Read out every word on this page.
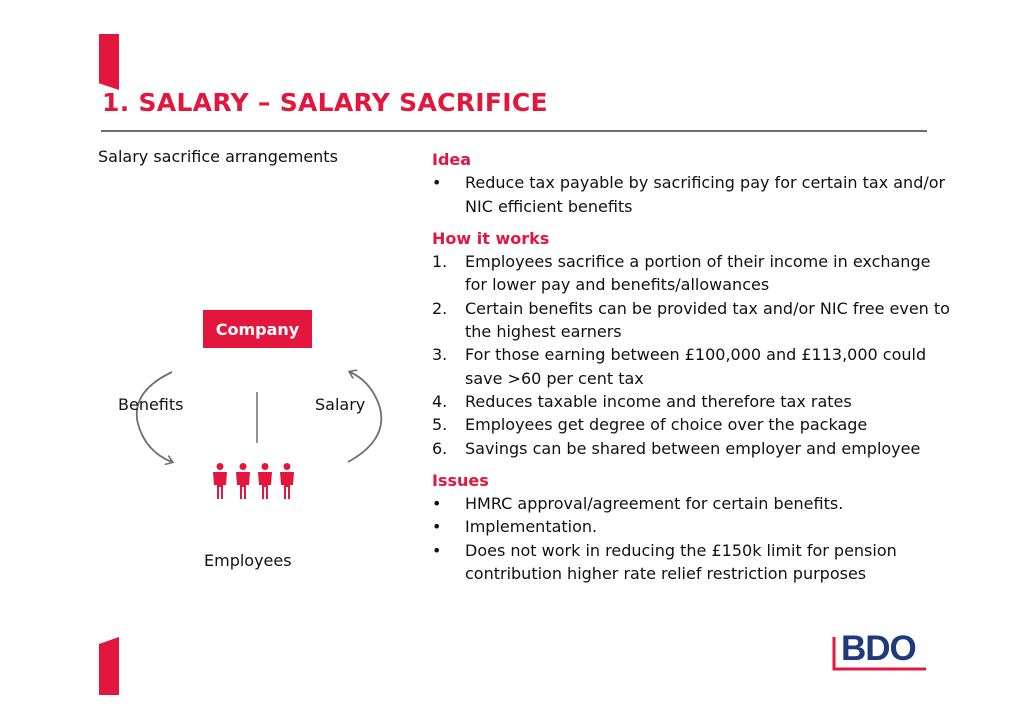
1. SALARY – SALARY SACRIFICE
Salary sacrifice arrangements
Company
Benefits	Salary
Employees
Idea
•	Reduce tax payable by sacrificing pay for certain tax and/or NIC efficient benefits
How it works
1.	Employees sacrifice a portion of their income in exchange for lower pay and benefits/allowances
2.	Certain benefits can be provided tax and/or NIC free even to the highest earners
3.	For those earning between £100,000 and £113,000 could save >60 per cent tax
4.	Reduces taxable income and therefore tax rates
5.	Employees get degree of choice over the package
6.	Savings can be shared between employer and employee
Issues
•	HMRC approval/agreement for certain benefits.
•	Implementation.
•	Does not work in reducing the £150k limit for pension contribution higher rate relief restriction purposes
BDO
